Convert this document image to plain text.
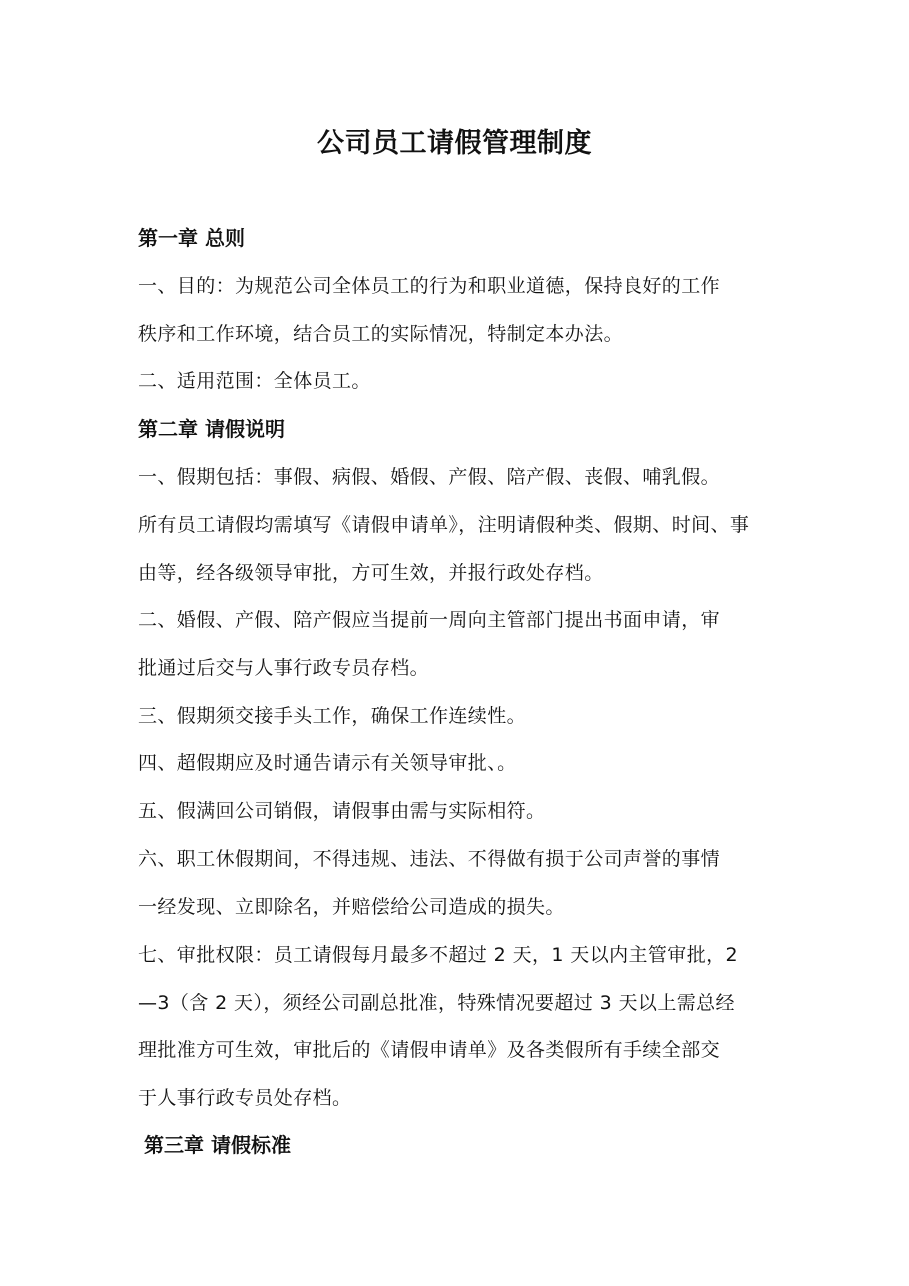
公司员工请假管理制度
第一章 总则
一、目的：为规范公司全体员工的行为和职业道德，保持良好的工作
秩序和工作环境，结合员工的实际情况，特制定本办法。
二、适用范围：全体员工。
第二章 请假说明
一、假期包括：事假、病假、婚假、产假、陪产假、丧假、哺乳假。
所有员工请假均需填写《请假申请单》，注明请假种类、假期、时间、事
由等，经各级领导审批，方可生效，并报行政处存档。
二、婚假、产假、陪产假应当提前一周向主管部门提出书面申请，审
批通过后交与人事行政专员存档。
三、假期须交接手头工作，确保工作连续性。
四、超假期应及时通告请示有关领导审批、。
五、假满回公司销假，请假事由需与实际相符。
六、职工休假期间，不得违规、违法、不得做有损于公司声誉的事情
一经发现、立即除名，并赔偿给公司造成的损失。
七、审批权限：员工请假每月最多不超过 2 天，1 天以内主管审批，2
—3（含 2 天），须经公司副总批准，特殊情况要超过 3 天以上需总经
理批准方可生效，审批后的《请假申请单》及各类假所有手续全部交
于人事行政专员处存档。
第三章 请假标准
